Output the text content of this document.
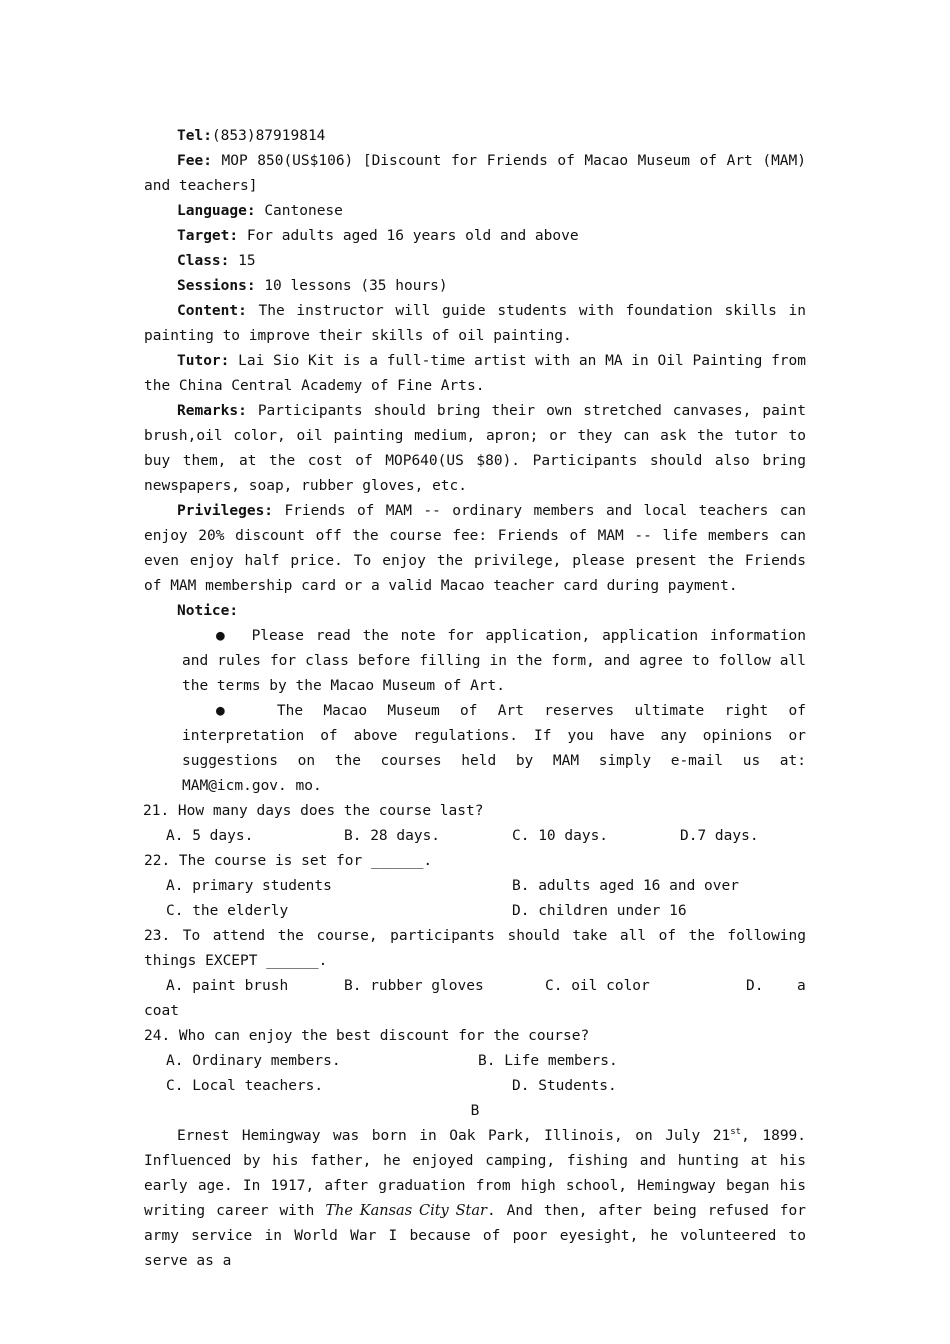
Tel:(853)87919814

Fee: MOP 850(US$106) [Discount for Friends of Macao Museum of Art (MAM) and teachers]

Language: Cantonese

Target: For adults aged 16 years old and above

Class: 15

Sessions: 10 lessons (35 hours)

Content: The instructor will guide students with foundation skills in painting to improve their skills of oil painting.

Tutor: Lai Sio Kit is a full-time artist with an MA in Oil Painting from the China Central Academy of Fine Arts.

Remarks: Participants should bring their own stretched canvases, paint brush,oil color, oil painting medium, apron; or they can ask the tutor to buy them, at the cost of MOP640(US $80). Participants should also bring newspapers, soap, rubber gloves, etc.

Privileges: Friends of MAM -- ordinary members and local teachers can enjoy 20% discount off the course fee: Friends of MAM -- life members can even enjoy half price. To enjoy the privilege, please present the Friends of MAM membership card or a valid Macao teacher card during payment.

Notice:

● Please read the note for application, application information and rules for class before filling in the form, and agree to follow all the terms by the Macao Museum of Art.

●	The Macao Museum of Art reserves ultimate right of interpretation of above regulations. If you have any opinions or suggestions on the courses held by MAM simply e-mail us at: MAM@icm.gov. mo.

21. How many days does the course last?

A. 5 days.	B. 28 days.	C. 10 days.	D.7 days.

22. The course is set for ______.

A. primary students	B. adults aged 16 and over
C. the elderly	D. children under 16

23. To attend the course, participants should take all of the following things EXCEPT ______.

A. paint brush	B. rubber gloves	C. oil color	D. a

coat

24. Who can enjoy the best discount for the course?

A. Ordinary members.	B. Life members.
C. Local teachers.	D. Students.

B

Ernest Hemingway was born in Oak Park, Illinois, on July 21st, 1899. Influenced by his father, he enjoyed camping, fishing and hunting at his early age. In 1917, after graduation from high school, Hemingway began his writing career with The Kansas City Star. And then, after being refused for army service in World War I because of poor eyesight, he volunteered to serve as a
